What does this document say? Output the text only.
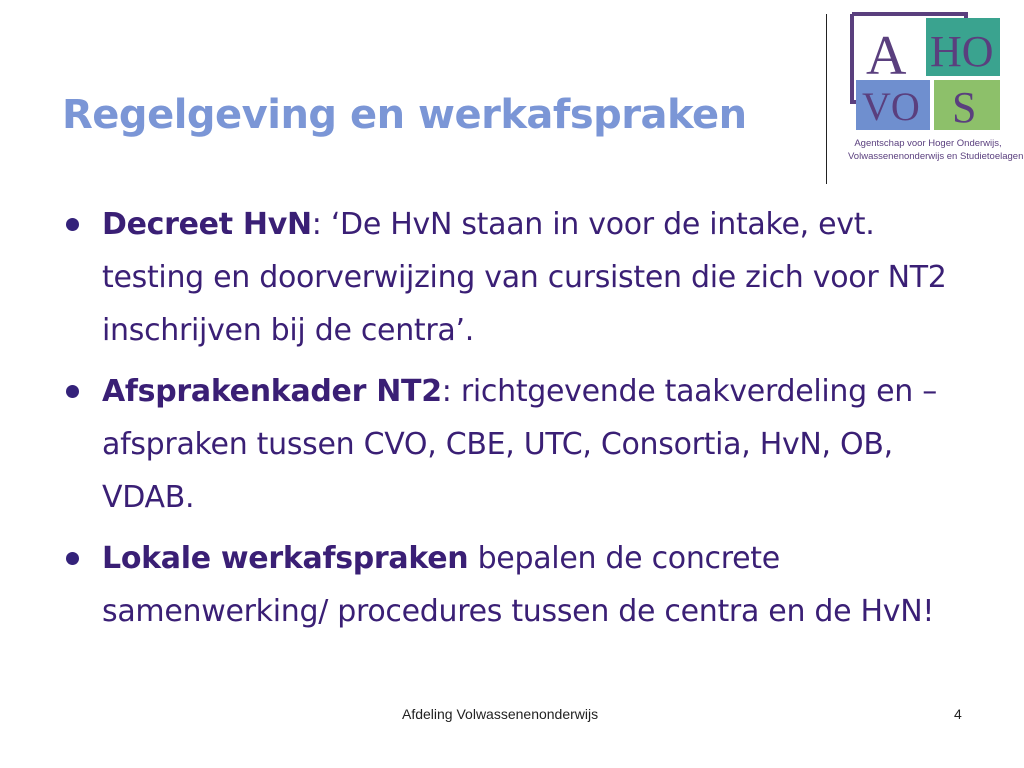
Regelgeving en werkafspraken
A HO
VO S
Agentschap voor Hoger Onderwijs,
Volwassenenonderwijs en Studietoelagen
Decreet HvN: ‘De HvN staan in voor de intake, evt. testing en doorverwijzing van cursisten die zich voor NT2 inschrijven bij de centra’.
Afsprakenkader NT2: richtgevende taakverdeling en –afspraken tussen CVO, CBE, UTC, Consortia, HvN, OB, VDAB.
Lokale werkafspraken bepalen de concrete samenwerking/ procedures tussen de centra en de HvN!
Afdeling Volwassenenonderwijs	4
